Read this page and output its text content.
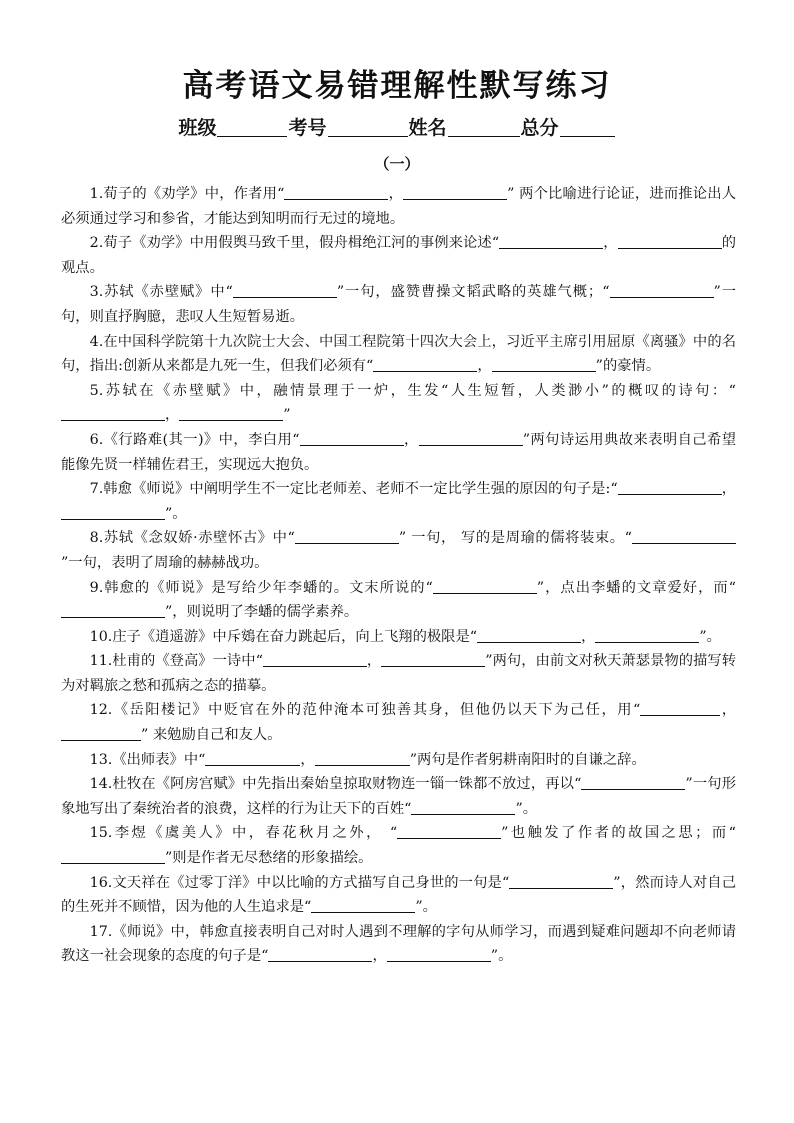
高考语文易错理解性默写练习
班级	考号	姓名	总分
（一）

1.荀子的《劝学》中，作者用“	，	” 两个比喻进行论证，进而推论出人必须通过学习和参省，才能达到知明而行无过的境地。

2.荀子《劝学》中用假舆马致千里，假舟楫绝江河的事例来论述“	，	的观点。

3.苏轼《赤壁赋》中“	”一句，盛赞曹操文韬武略的英雄气概；“	”一句，则直抒胸臆，悲叹人生短暂易逝。

4.在中国科学院第十九次院士大会、中国工程院第十四次大会上，习近平主席引用屈原《离骚》中的名句，指出:创新从来都是九死一生，但我们必须有“	，	”的豪情。

5.苏轼在《赤壁赋》中，融情景理于一炉，生发“人生短暂，人类渺小”的概叹的诗句：“，	”

6.《行路难(其一)》中，李白用“	，	”两句诗运用典故来表明自己希望能像先贤一样辅佐君王，实现远大抱负。

7.韩愈《师说》中阐明学生不一定比老师差、老师不一定比学生强的原因的句子是:“	，”。

8.苏轼《念奴娇·赤壁怀古》中“	” 一句， 写的是周瑜的儒将装束。“”一句，表明了周瑜的赫赫战功。

9.韩愈的《师说》是写给少年李蟠的。文末所说的“	”，点出李蟠的文章爱好，而“”，则说明了李蟠的儒学素养。

10.庄子《逍遥游》中斥鴳在奋力跳起后，向上飞翔的极限是“	，	”。

11.杜甫的《登高》一诗中“	，	”两句，由前文对秋天萧瑟景物的描写转为对羁旅之愁和孤病之态的描摹。

12.《岳阳楼记》中贬官在外的范仲淹本可独善其身，但他仍以天下为己任，用“	，” 来勉励自己和友人。

13.《出师表》中“	，	”两句是作者躬耕南阳时的自谦之辞。

14.杜牧在《阿房宫赋》中先指出秦始皇掠取财物连一锱一铢都不放过，再以“	”一句形象地写出了秦统治者的浪费，这样的行为让天下的百姓“	”。

15.李煜《虞美人》中，春花秋月之外， “	”也触发了作者的故国之思；而“”则是作者无尽愁绪的形象描绘。

16.文天祥在《过零丁洋》中以比喻的方式描写自己身世的一句是“	”，然而诗人对自己的生死并不顾惜，因为他的人生追求是“	”。

17.《师说》中，韩愈直接表明自己对时人遇到不理解的字句从师学习，而遇到疑难问题却不向老师请教这一社会现象的态度的句子是“	，	”。
